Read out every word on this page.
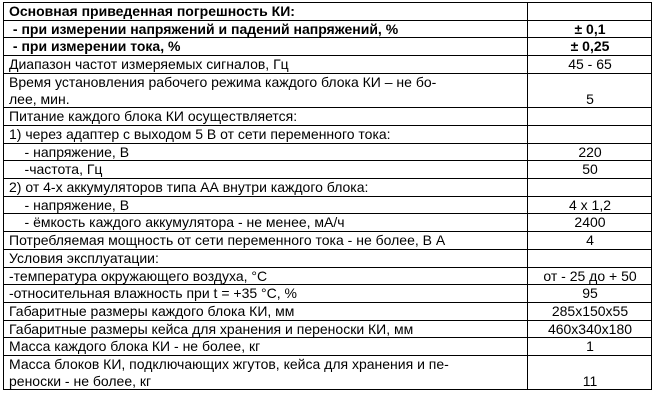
Основная приведенная погрешность КИ:	
- при измерении напряжений и падений напряжений, %	± 0,1
- при измерении тока, %	± 0,25
Диапазон частот измеряемых сигналов, Гц	45 - 65
Время установления рабочего режима каждого блока КИ – не бо-
лее, мин.	5
Питание каждого блока КИ осуществляется:	
1) через адаптер с выходом 5 В от сети переменного тока:	
- напряжение, В	220
-частота, Гц	50
2) от 4-х аккумуляторов типа АА внутри каждого блока:	
- напряжение, В	4 х 1,2
- ёмкость каждого аккумулятора - не менее, мА/ч	2400
Потребляемая мощность от сети переменного тока - не более, В А	4
Условия эксплуатации:	
-температура окружающего воздуха, °С	от - 25 до + 50
-относительная влажность при t = +35 °С, %	95
Габаритные размеры каждого блока КИ, мм	285х150х55
Габаритные размеры кейса для хранения и переноски КИ, мм	460х340х180
Масса каждого блока КИ - не более, кг	1
Масса блоков КИ, подключающих жгутов, кейса для хранения и пе-
реноски - не более, кг	11
